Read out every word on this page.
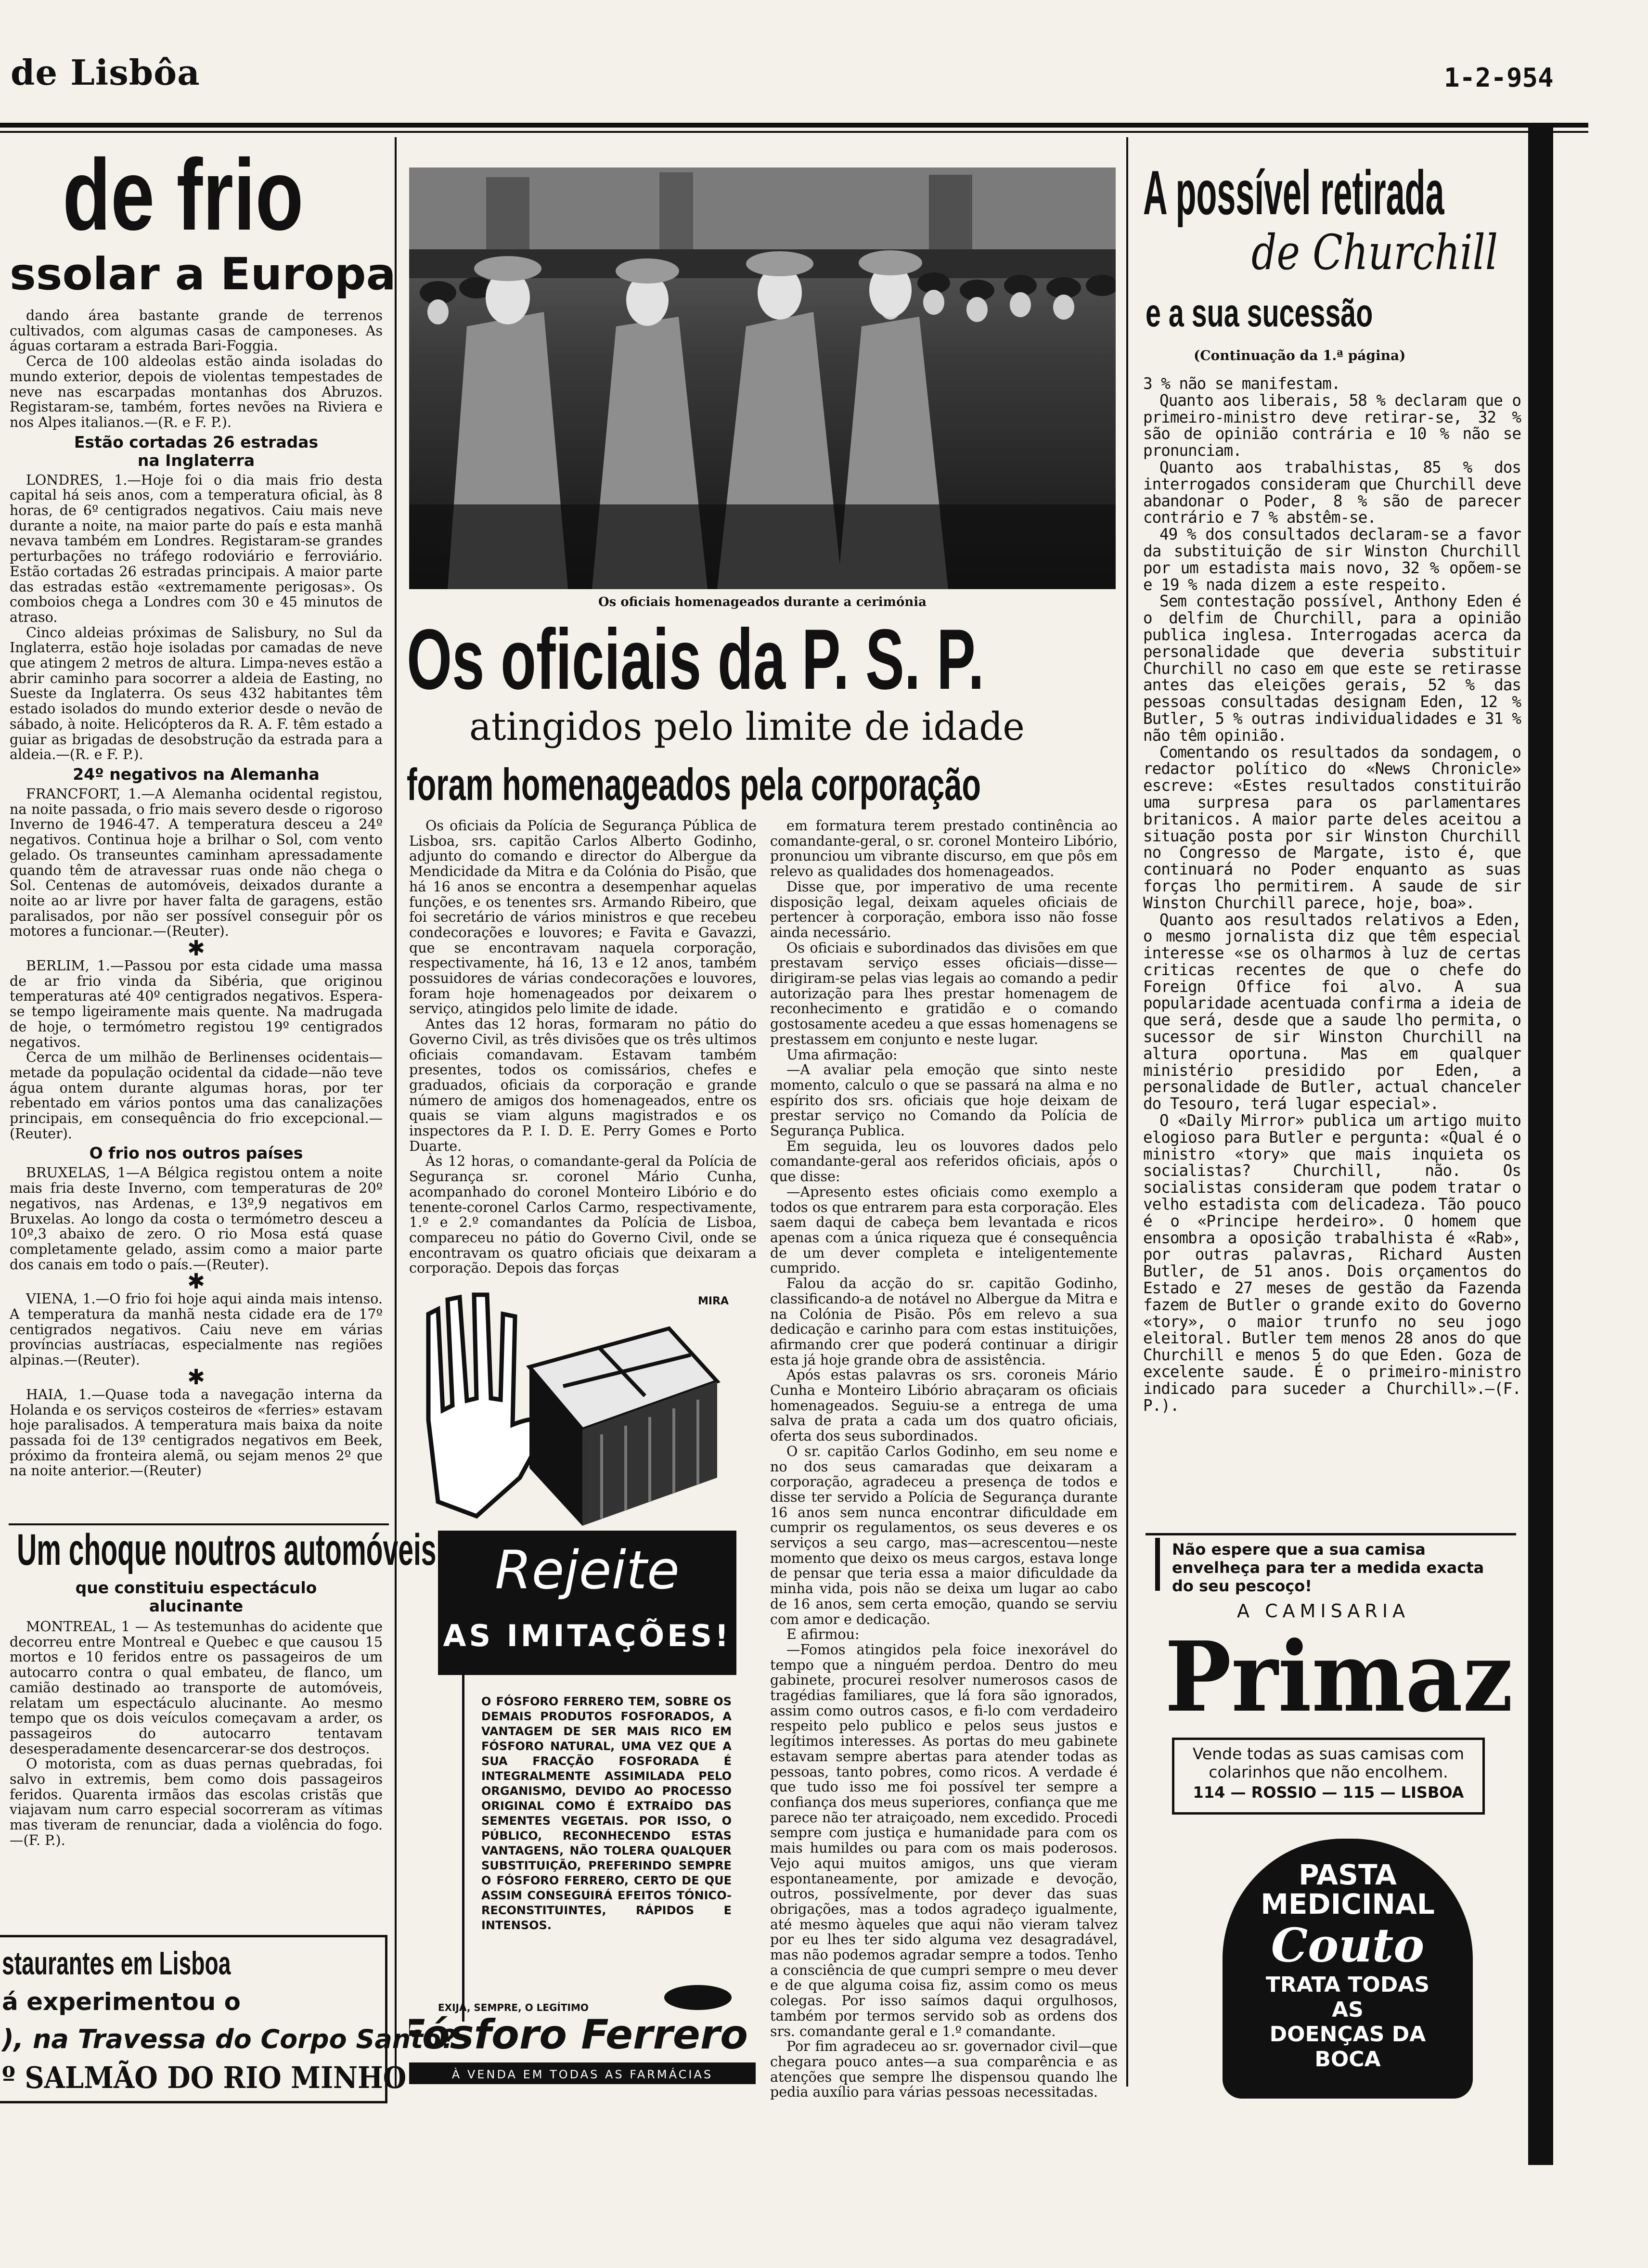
de Lisbôa	1-2-954
de frio
ssolar a Europa

dando área bastante grande de terrenos cultivados, com algumas casas de camponeses. As águas cortaram a estrada Bari-Foggia.

Cerca de 100 aldeolas estão ainda isoladas do mundo exterior, depois de violentas tempestades de neve nas escarpadas montanhas dos Abruzos. Registaram-se, também, fortes nevões na Riviera e nos Alpes italianos.—(R. e F. P.).

Estão cortadas 26 estradas
na Inglaterra

LONDRES, 1.—Hoje foi o dia mais frio desta capital há seis anos, com a temperatura oficial, às 8 horas, de 6º centigrados negativos. Caiu mais neve durante a noite, na maior parte do país e esta manhã nevava também em Londres. Registaram-se grandes perturbações no tráfego rodoviário e ferroviário. Estão cortadas 26 estradas principais. A maior parte das estradas estão «extremamente perigosas». Os comboios chega a Londres com 30 e 45 minutos de atraso.

Cinco aldeias próximas de Salisbury, no Sul da Inglaterra, estão hoje isoladas por camadas de neve que atingem 2 metros de altura. Limpa-neves estão a abrir caminho para socorrer a aldeia de Easting, no Sueste da Inglaterra. Os seus 432 habitantes têm estado isolados do mundo exterior desde o nevão de sábado, à noite. Helicópteros da R. A. F. têm estado a guiar as brigadas de desobstrução da estrada para a aldeia.—(R. e F. P.).

24º negativos na Alemanha

FRANCFORT, 1.—A Alemanha ocidental registou, na noite passada, o frio mais severo desde o rigoroso Inverno de 1946-47. A temperatura desceu a 24º negativos. Continua hoje a brilhar o Sol, com vento gelado. Os transeuntes caminham apressadamente quando têm de atravessar ruas onde não chega o Sol. Centenas de automóveis, deixados durante a noite ao ar livre por haver falta de garagens, estão paralisados, por não ser possível conseguir pôr os motores a funcionar.—(Reuter).

✱

BERLIM, 1.—Passou por esta cidade uma massa de ar frio vinda da Sibéria, que originou temperaturas até 40º centigrados negativos. Espera-se tempo ligeiramente mais quente. Na madrugada de hoje, o termómetro registou 19º centigrados negativos.

Cerca de um milhão de Berlinenses ocidentais—metade da população ocidental da cidade—não teve água ontem durante algumas horas, por ter rebentado em vários pontos uma das canalizações principais, em consequência do frio excepcional.—(Reuter).

O frio nos outros países

BRUXELAS, 1—A Bélgica registou ontem a noite mais fria deste Inverno, com temperaturas de 20º negativos, nas Ardenas, e 13º,9 negativos em Bruxelas. Ao longo da costa o termómetro desceu a 10º,3 abaixo de zero. O rio Mosa está quase completamente gelado, assim como a maior parte dos canais em todo o país.—(Reuter).

✱

VIENA, 1.—O frio foi hoje aqui ainda mais intenso. A temperatura da manhã nesta cidade era de 17º centigrados negativos. Caiu neve em várias províncias austríacas, especialmente nas regiões alpinas.—(Reuter).

✱

HAIA, 1.—Quase toda a navegação interna da Holanda e os serviços costeiros de «ferries» estavam hoje paralisados. A temperatura mais baixa da noite passada foi de 13º centigrados negativos em Beek, próximo da fronteira alemã, ou sejam menos 2º que na noite anterior.—(Reuter)

Um choque noutros automóveis
que constituiu espectáculo
alucinante

MONTREAL, 1 — As testemunhas do acidente que decorreu entre Montreal e Quebec e que causou 15 mortos e 10 feridos entre os passageiros de um autocarro contra o qual embateu, de flanco, um camião destinado ao transporte de automóveis, relatam um espectáculo alucinante. Ao mesmo tempo que os dois veículos começavam a arder, os passageiros do autocarro tentavam desesperadamente desencarcerar-se dos destroços.

O motorista, com as duas pernas quebradas, foi salvo in extremis, bem como dois passageiros feridos. Quarenta irmãos das escolas cristãs que viajavam num carro especial socorreram as vítimas mas tiveram de renunciar, dada a violência do fogo.—(F. P.).

staurantes em Lisboa
á experimentou o
), na Travessa do Corpo Santo?
º SALMÃO DO RIO MINHO
Os oficiais homenageados durante a cerimónia
Os oficiais da P. S. P.
atingidos pelo limite de idade
foram homenageados pela corporação

Os oficiais da Polícia de Segurança Pública de Lisboa, srs. capitão Carlos Alberto Godinho, adjunto do comando e director do Albergue da Mendicidade da Mitra e da Colónia do Pisão, que há 16 anos se encontra a desempenhar aquelas funções, e os tenentes srs. Armando Ribeiro, que foi secretário de vários ministros e que recebeu condecorações e louvores; e Favita e Gavazzi, que se encontravam naquela corporação, respectivamente, há 16, 13 e 12 anos, também possuidores de várias condecorações e louvores, foram hoje homenageados por deixarem o serviço, atingidos pelo limite de idade.

Antes das 12 horas, formaram no pátio do Governo Civil, as três divisões que os três ultimos oficiais comandavam. Estavam também presentes, todos os comissários, chefes e graduados, oficiais da corporação e grande número de amigos dos homenageados, entre os quais se viam alguns magistrados e os inspectores da P. I. D. E. Perry Gomes e Porto Duarte.

Às 12 horas, o comandante-geral da Polícia de Segurança sr. coronel Mário Cunha, acompanhado do coronel Monteiro Libório e do tenente-coronel Carlos Carmo, respectivamente, 1.º e 2.º comandantes da Polícia de Lisboa, compareceu no pátio do Governo Civil, onde se encontravam os quatro oficiais que deixaram a corporação. Depois das forças

em formatura terem prestado continência ao comandante-geral, o sr. coronel Monteiro Libório, pronunciou um vibrante discurso, em que pôs em relevo as qualidades dos homenageados.

Disse que, por imperativo de uma recente disposição legal, deixam aqueles oficiais de pertencer à corporação, embora isso não fosse ainda necessário.

Os oficiais e subordinados das divisões em que prestavam serviço esses oficiais—disse—dirigiram-se pelas vias legais ao comando a pedir autorização para lhes prestar homenagem de reconhecimento e gratidão e o comando gostosamente acedeu a que essas homenagens se prestassem em conjunto e neste lugar.

Uma afirmação:

—A avaliar pela emoção que sinto neste momento, calculo o que se passará na alma e no espírito dos srs. oficiais que hoje deixam de prestar serviço no Comando da Polícia de Segurança Publica.

Em seguida, leu os louvores dados pelo comandante-geral aos referidos oficiais, após o que disse:

—Apresento estes oficiais como exemplo a todos os que entrarem para esta corporação. Eles saem daqui de cabeça bem levantada e ricos apenas com a única riqueza que é consequência de um dever completa e inteligentemente cumprido.

Falou da acção do sr. capitão Godinho, classificando-a de notável no Albergue da Mitra e na Colónia de Pisão. Pôs em relevo a sua dedicação e carinho para com estas instituições, afirmando crer que poderá continuar a dirigir esta já hoje grande obra de assistência.

Após estas palavras os srs. coroneis Mário Cunha e Monteiro Libório abraçaram os oficiais homenageados. Seguiu-se a entrega de uma salva de prata a cada um dos quatro oficiais, oferta dos seus subordinados.

O sr. capitão Carlos Godinho, em seu nome e no dos seus camaradas que deixaram a corporação, agradeceu a presença de todos e disse ter servido a Polícia de Segurança durante 16 anos sem nunca encontrar dificuldade em cumprir os regulamentos, os seus deveres e os serviços a seu cargo, mas—acrescentou—neste momento que deixo os meus cargos, estava longe de pensar que teria essa a maior dificuldade da minha vida, pois não se deixa um lugar ao cabo de 16 anos, sem certa emoção, quando se serviu com amor e dedicação.

E afirmou:

—Fomos atingidos pela foice inexorável do tempo que a ninguém perdoa. Dentro do meu gabinete, procurei resolver numerosos casos de tragédias familiares, que lá fora são ignorados, assim como outros casos, e fi-lo com verdadeiro respeito pelo publico e pelos seus justos e legítimos interesses. As portas do meu gabinete estavam sempre abertas para atender todas as pessoas, tanto pobres, como ricos. A verdade é que tudo isso me foi possível ter sempre a confiança dos meus superiores, confiança que me parece não ter atraiçoado, nem excedido. Procedi sempre com justiça e humanidade para com os mais humildes ou para com os mais poderosos. Vejo aqui muitos amigos, uns que vieram espontaneamente, por amizade e devoção, outros, possívelmente, por dever das suas obrigações, mas a todos agradeço igualmente, até mesmo àqueles que aqui não vieram talvez por eu lhes ter sido alguma vez desagradável, mas não podemos agradar sempre a todos. Tenho a consciência de que cumpri sempre o meu dever e de que alguma coisa fiz, assim como os meus colegas. Por isso saímos daqui orgulhosos, também por termos servido sob as ordens dos srs. comandante geral e 1.º comandante.

Por fim agradeceu ao sr. governador civil—que chegara pouco antes—a sua comparência e as atenções que sempre lhe dispensou quando lhe pedia auxílio para várias pessoas necessitadas.

MIRA
Rejeite
AS IMITAÇÕES!
O FÓSFORO FERRERO TEM, SOBRE OS DEMAIS PRODUTOS FOSFORADOS, A VANTAGEM DE SER MAIS RICO EM FÓSFORO NATURAL, UMA VEZ QUE A SUA FRACÇÃO FOSFORADA É INTEGRALMENTE ASSIMILADA PELO ORGANISMO, DEVIDO AO PROCESSO ORIGINAL COMO É EXTRAÍDO DAS SEMENTES VEGETAIS. POR ISSO, O PÚBLICO, RECONHECENDO ESTAS VANTAGENS, NÃO TOLERA QUALQUER SUBSTITUIÇÃO, PREFERINDO SEMPRE O FÓSFORO FERRERO, CERTO DE QUE ASSIM CONSEGUIRÁ EFEITOS TÓNICO-RECONSTITUINTES, RÁPIDOS E INTENSOS.
EXIJA, SEMPRE, O LEGÍTIMO
Fósforo Ferrero
À VENDA EM TODAS AS FARMÁCIAS
A possível retirada
de Churchill
e a sua sucessão
(Continuação da 1.ª página)

3 % não se manifestam.

Quanto aos liberais, 58 % declaram que o primeiro-ministro deve retirar-se, 32 % são de opinião contrária e 10 % não se pronunciam.

Quanto aos trabalhistas, 85 % dos interrogados consideram que Churchill deve abandonar o Poder, 8 % são de parecer contrário e 7 % abstêm-se.

49 % dos consultados declaram-se a favor da substituição de sir Winston Churchill por um estadista mais novo, 32 % opõem-se e 19 % nada dizem a este respeito.

Sem contestação possível, Anthony Eden é o delfim de Churchill, para a opinião publica inglesa. Interrogadas acerca da personalidade que deveria substituir Churchill no caso em que este se retirasse antes das eleições gerais, 52 % das pessoas consultadas designam Eden, 12 % Butler, 5 % outras individualidades e 31 % não têm opinião.

Comentando os resultados da sondagem, o redactor político do «News Chronicle» escreve: «Estes resultados constituirão uma surpresa para os parlamentares britanicos. A maior parte deles aceitou a situação posta por sir Winston Churchill no Congresso de Margate, isto é, que continuará no Poder enquanto as suas forças lho permitirem. A saude de sir Winston Churchill parece, hoje, boa».

Quanto aos resultados relativos a Eden, o mesmo jornalista diz que têm especial interesse «se os olharmos à luz de certas criticas recentes de que o chefe do Foreign Office foi alvo. A sua popularidade acentuada confirma a ideia de que será, desde que a saude lho permita, o sucessor de sir Winston Churchill na altura oportuna. Mas em qualquer ministério presidido por Eden, a personalidade de Butler, actual chanceler do Tesouro, terá lugar especial».

O «Daily Mirror» publica um artigo muito elogioso para Butler e pergunta: «Qual é o ministro «tory» que mais inquieta os socialistas? Churchill, não. Os socialistas consideram que podem tratar o velho estadista com delicadeza. Tão pouco é o «Principe herdeiro». O homem que ensombra a oposição trabalhista é «Rab», por outras palavras, Richard Austen Butler, de 51 anos. Dois orçamentos do Estado e 27 meses de gestão da Fazenda fazem de Butler o grande exito do Governo «tory», o maior trunfo no seu jogo eleitoral. Butler tem menos 28 anos do que Churchill e menos 5 do que Eden. Goza de excelente saude. É o primeiro-ministro indicado para suceder a Churchill».—(F. P.).

Não espere que a sua camisa envelheça para ter a medida exacta do seu pescoço!
A CAMISARIA
Primaz
Vende todas as suas camisas com colarinhos que não encolhem.
114 — ROSSIO — 115 — LISBOA
PASTA
MEDICINAL
Couto
TRATA TODAS
AS
DOENÇAS DA
BOCA
